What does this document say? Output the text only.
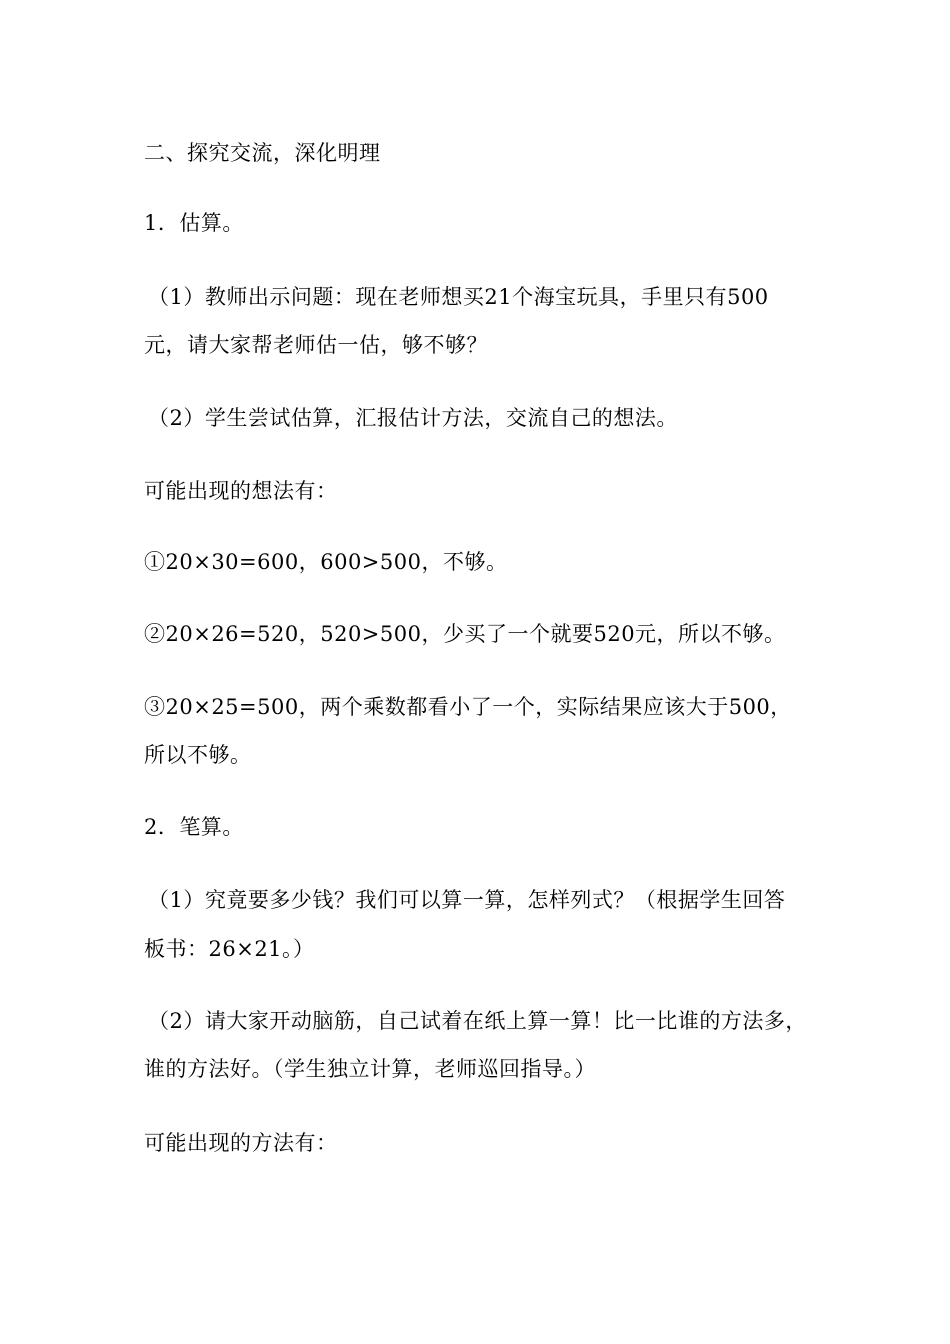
二、探究交流，深化明理
1．估算。
（1）教师出示问题：现在老师想买21个海宝玩具，手里只有500
元，请大家帮老师估一估，够不够？
（2）学生尝试估算，汇报估计方法，交流自己的想法。
可能出现的想法有：
①20×30=600，600>500，不够。
②20×26=520，520>500，少买了一个就要520元，所以不够。
③20×25=500，两个乘数都看小了一个，实际结果应该大于500，
所以不够。
2．笔算。
（1）究竟要多少钱？我们可以算一算，怎样列式？（根据学生回答
板书：26×21。）
（2）请大家开动脑筋，自己试着在纸上算一算！比一比谁的方法多，
谁的方法好。（学生独立计算，老师巡回指导。）
可能出现的方法有：
